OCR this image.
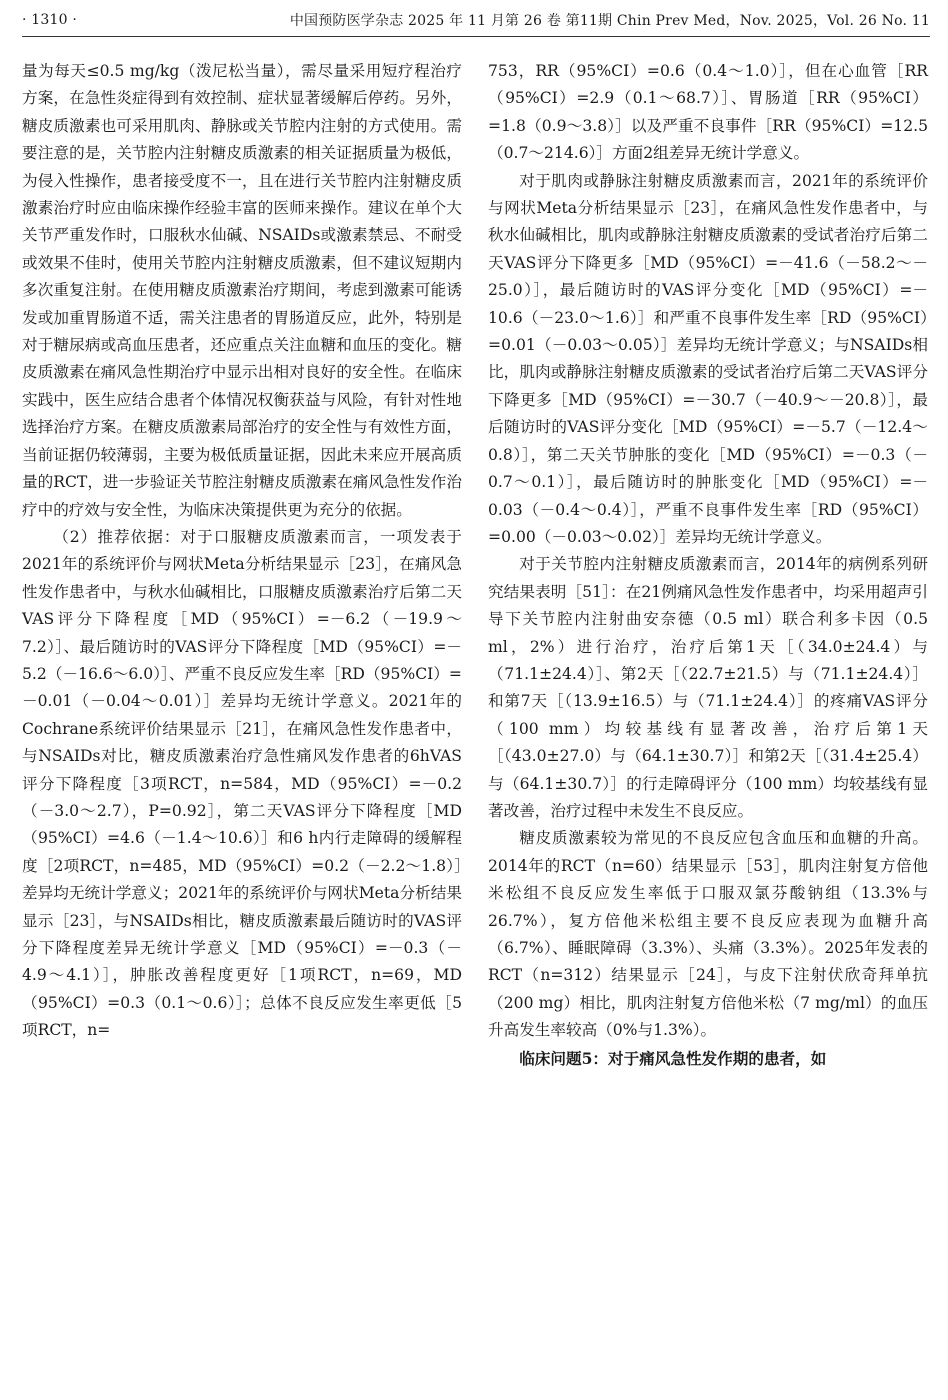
· 1310 ·	中国预防医学杂志 2025 年 11 月第 26 卷 第11期 Chin Prev Med，Nov. 2025，Vol. 26 No. 11

量为每天≤0.5 mg/kg（泼尼松当量），需尽量采用短疗程治疗方案，在急性炎症得到有效控制、症状显著缓解后停药。另外，糖皮质激素也可采用肌肉、静脉或关节腔内注射的方式使用。需要注意的是，关节腔内注射糖皮质激素的相关证据质量为极低，为侵入性操作，患者接受度不一，且在进行关节腔内注射糖皮质激素治疗时应由临床操作经验丰富的医师来操作。建议在单个大关节严重发作时，口服秋水仙碱、NSAIDs或激素禁忌、不耐受或效果不佳时，使用关节腔内注射糖皮质激素，但不建议短期内多次重复注射。在使用糖皮质激素治疗期间，考虑到激素可能诱发或加重胃肠道不适，需关注患者的胃肠道反应，此外，特别是对于糖尿病或高血压患者，还应重点关注血糖和血压的变化。糖皮质激素在痛风急性期治疗中显示出相对良好的安全性。在临床实践中，医生应结合患者个体情况权衡获益与风险，有针对性地选择治疗方案。在糖皮质激素局部治疗的安全性与有效性方面，当前证据仍较薄弱，主要为极低质量证据，因此未来应开展高质量的RCT，进一步验证关节腔注射糖皮质激素在痛风急性发作治疗中的疗效与安全性，为临床决策提供更为充分的依据。

（2）推荐依据：对于口服糖皮质激素而言，一项发表于2021年的系统评价与网状Meta分析结果显示［23］，在痛风急性发作患者中，与秋水仙碱相比，口服糖皮质激素治疗后第二天VAS评分下降程度［MD（95%CI）=－6.2（－19.9～7.2）］、最后随访时的VAS评分下降程度［MD（95%CI）=－5.2（－16.6～6.0）］、严重不良反应发生率［RD（95%CI）=－0.01（－0.04～0.01）］差异均无统计学意义。2021年的Cochrane系统评价结果显示［21］，在痛风急性发作患者中，与NSAIDs对比，糖皮质激素治疗急性痛风发作患者的6hVAS评分下降程度［3项RCT，n=584，MD（95%CI）=－0.2（－3.0～2.7），P=0.92］，第二天VAS评分下降程度［MD（95%CI）=4.6（－1.4～10.6）］和6 h内行走障碍的缓解程度［2项RCT，n=485，MD（95%CI）=0.2（－2.2～1.8）］差异均无统计学意义；2021年的系统评价与网状Meta分析结果显示［23］，与NSAIDs相比，糖皮质激素最后随访时的VAS评分下降程度差异无统计学意义［MD（95%CI）=－0.3（－4.9～4.1）］，肿胀改善程度更好［1项RCT，n=69，MD（95%CI）=0.3（0.1～0.6）］；总体不良反应发生率更低［5项RCT，n=

753，RR（95%CI）=0.6（0.4～1.0）］，但在心血管［RR（95%CI）=2.9（0.1～68.7）］、胃肠道［RR（95%CI）=1.8（0.9～3.8）］以及严重不良事件［RR（95%CI）=12.5（0.7～214.6）］方面2组差异无统计学意义。

对于肌肉或静脉注射糖皮质激素而言，2021年的系统评价与网状Meta分析结果显示［23］，在痛风急性发作患者中，与秋水仙碱相比，肌肉或静脉注射糖皮质激素的受试者治疗后第二天VAS评分下降更多［MD（95%CI）=－41.6（－58.2～－25.0）］，最后随访时的VAS评分变化［MD（95%CI）=－10.6（－23.0～1.6）］和严重不良事件发生率［RD（95%CI）=0.01（－0.03～0.05）］差异均无统计学意义；与NSAIDs相比，肌肉或静脉注射糖皮质激素的受试者治疗后第二天VAS评分下降更多［MD（95%CI）=－30.7（－40.9～－20.8）］，最后随访时的VAS评分变化［MD（95%CI）=－5.7（－12.4～0.8）］，第二天关节肿胀的变化［MD（95%CI）=－0.3（－0.7～0.1）］，最后随访时的肿胀变化［MD（95%CI）=－0.03（－0.4～0.4）］，严重不良事件发生率［RD（95%CI）=0.00（－0.03～0.02）］差异均无统计学意义。

对于关节腔内注射糖皮质激素而言，2014年的病例系列研究结果表明［51］：在21例痛风急性发作患者中，均采用超声引导下关节腔内注射曲安奈德（0.5 ml）联合利多卡因（0.5 ml，2%）进行治疗，治疗后第1天［（34.0±24.4）与（71.1±24.4）］、第2天［（22.7±21.5）与（71.1±24.4）］和第7天［（13.9±16.5）与（71.1±24.4）］的疼痛VAS评分（100 mm）均较基线有显著改善，治疗后第1天［（43.0±27.0）与（64.1±30.7）］和第2天［（31.4±25.4）与（64.1±30.7）］的行走障碍评分（100 mm）均较基线有显著改善，治疗过程中未发生不良反应。

糖皮质激素较为常见的不良反应包含血压和血糖的升高。2014年的RCT（n=60）结果显示［53］，肌肉注射复方倍他米松组不良反应发生率低于口服双氯芬酸钠组（13.3%与26.7%），复方倍他米松组主要不良反应表现为血糖升高（6.7%）、睡眠障碍（3.3%）、头痛（3.3%）。2025年发表的RCT（n=312）结果显示［24］，与皮下注射伏欣奇拜单抗（200 mg）相比，肌肉注射复方倍他米松（7 mg/ml）的血压升高发生率较高（0%与1.3%）。

临床问题5：对于痛风急性发作期的患者，如
